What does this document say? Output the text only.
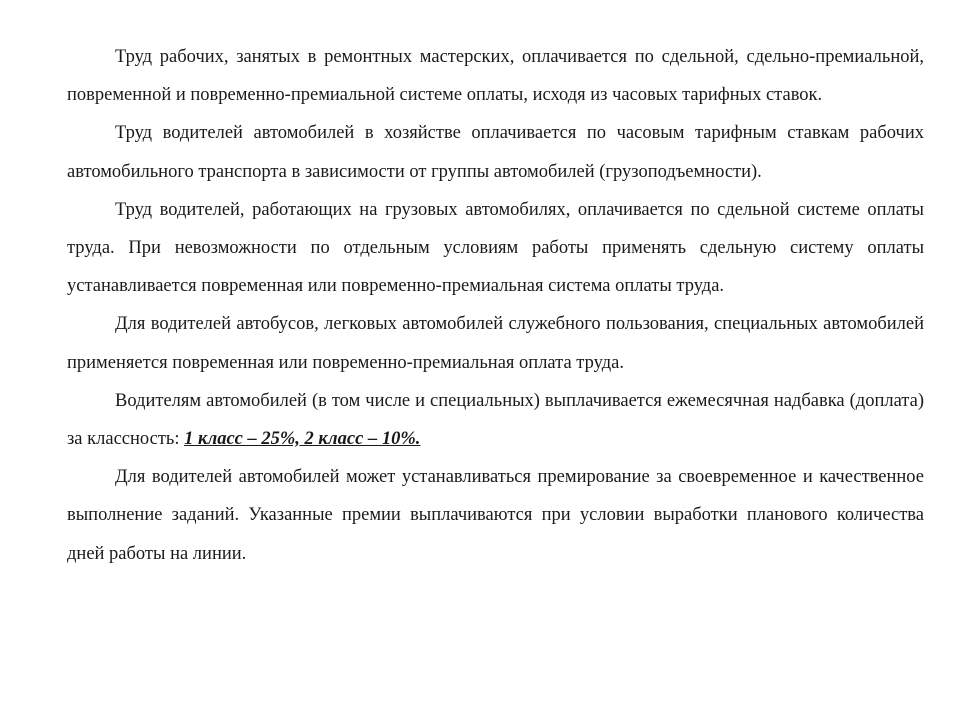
Труд рабочих, занятых в ремонтных мастерских, оплачивается по сдельной, сдельно-премиальной, повременной и повременно-премиальной системе оплаты, исходя из часовых тарифных ставок.

Труд водителей автомобилей в хозяйстве оплачивается по часовым тарифным ставкам рабочих автомобильного транспорта в зависимости от группы автомобилей (грузоподъемности).

Труд водителей, работающих на грузовых автомобилях, оплачивается по сдельной системе оплаты труда. При невозможности по отдельным условиям работы применять сдельную систему оплаты устанавливается повременная или повременно-премиальная система оплаты труда.

Для водителей автобусов, легковых автомобилей служебного пользования, специальных автомобилей применяется повременная или повременно-премиальная оплата труда.

Водителям автомобилей (в том числе и специальных) выплачивается ежемесячная надбавка (доплата) за классность: 1 класс – 25%, 2 класс – 10%.

Для водителей автомобилей может устанавливаться премирование за своевременное и качественное выполнение заданий. Указанные премии выплачиваются при условии выработки планового количества дней работы на линии.
